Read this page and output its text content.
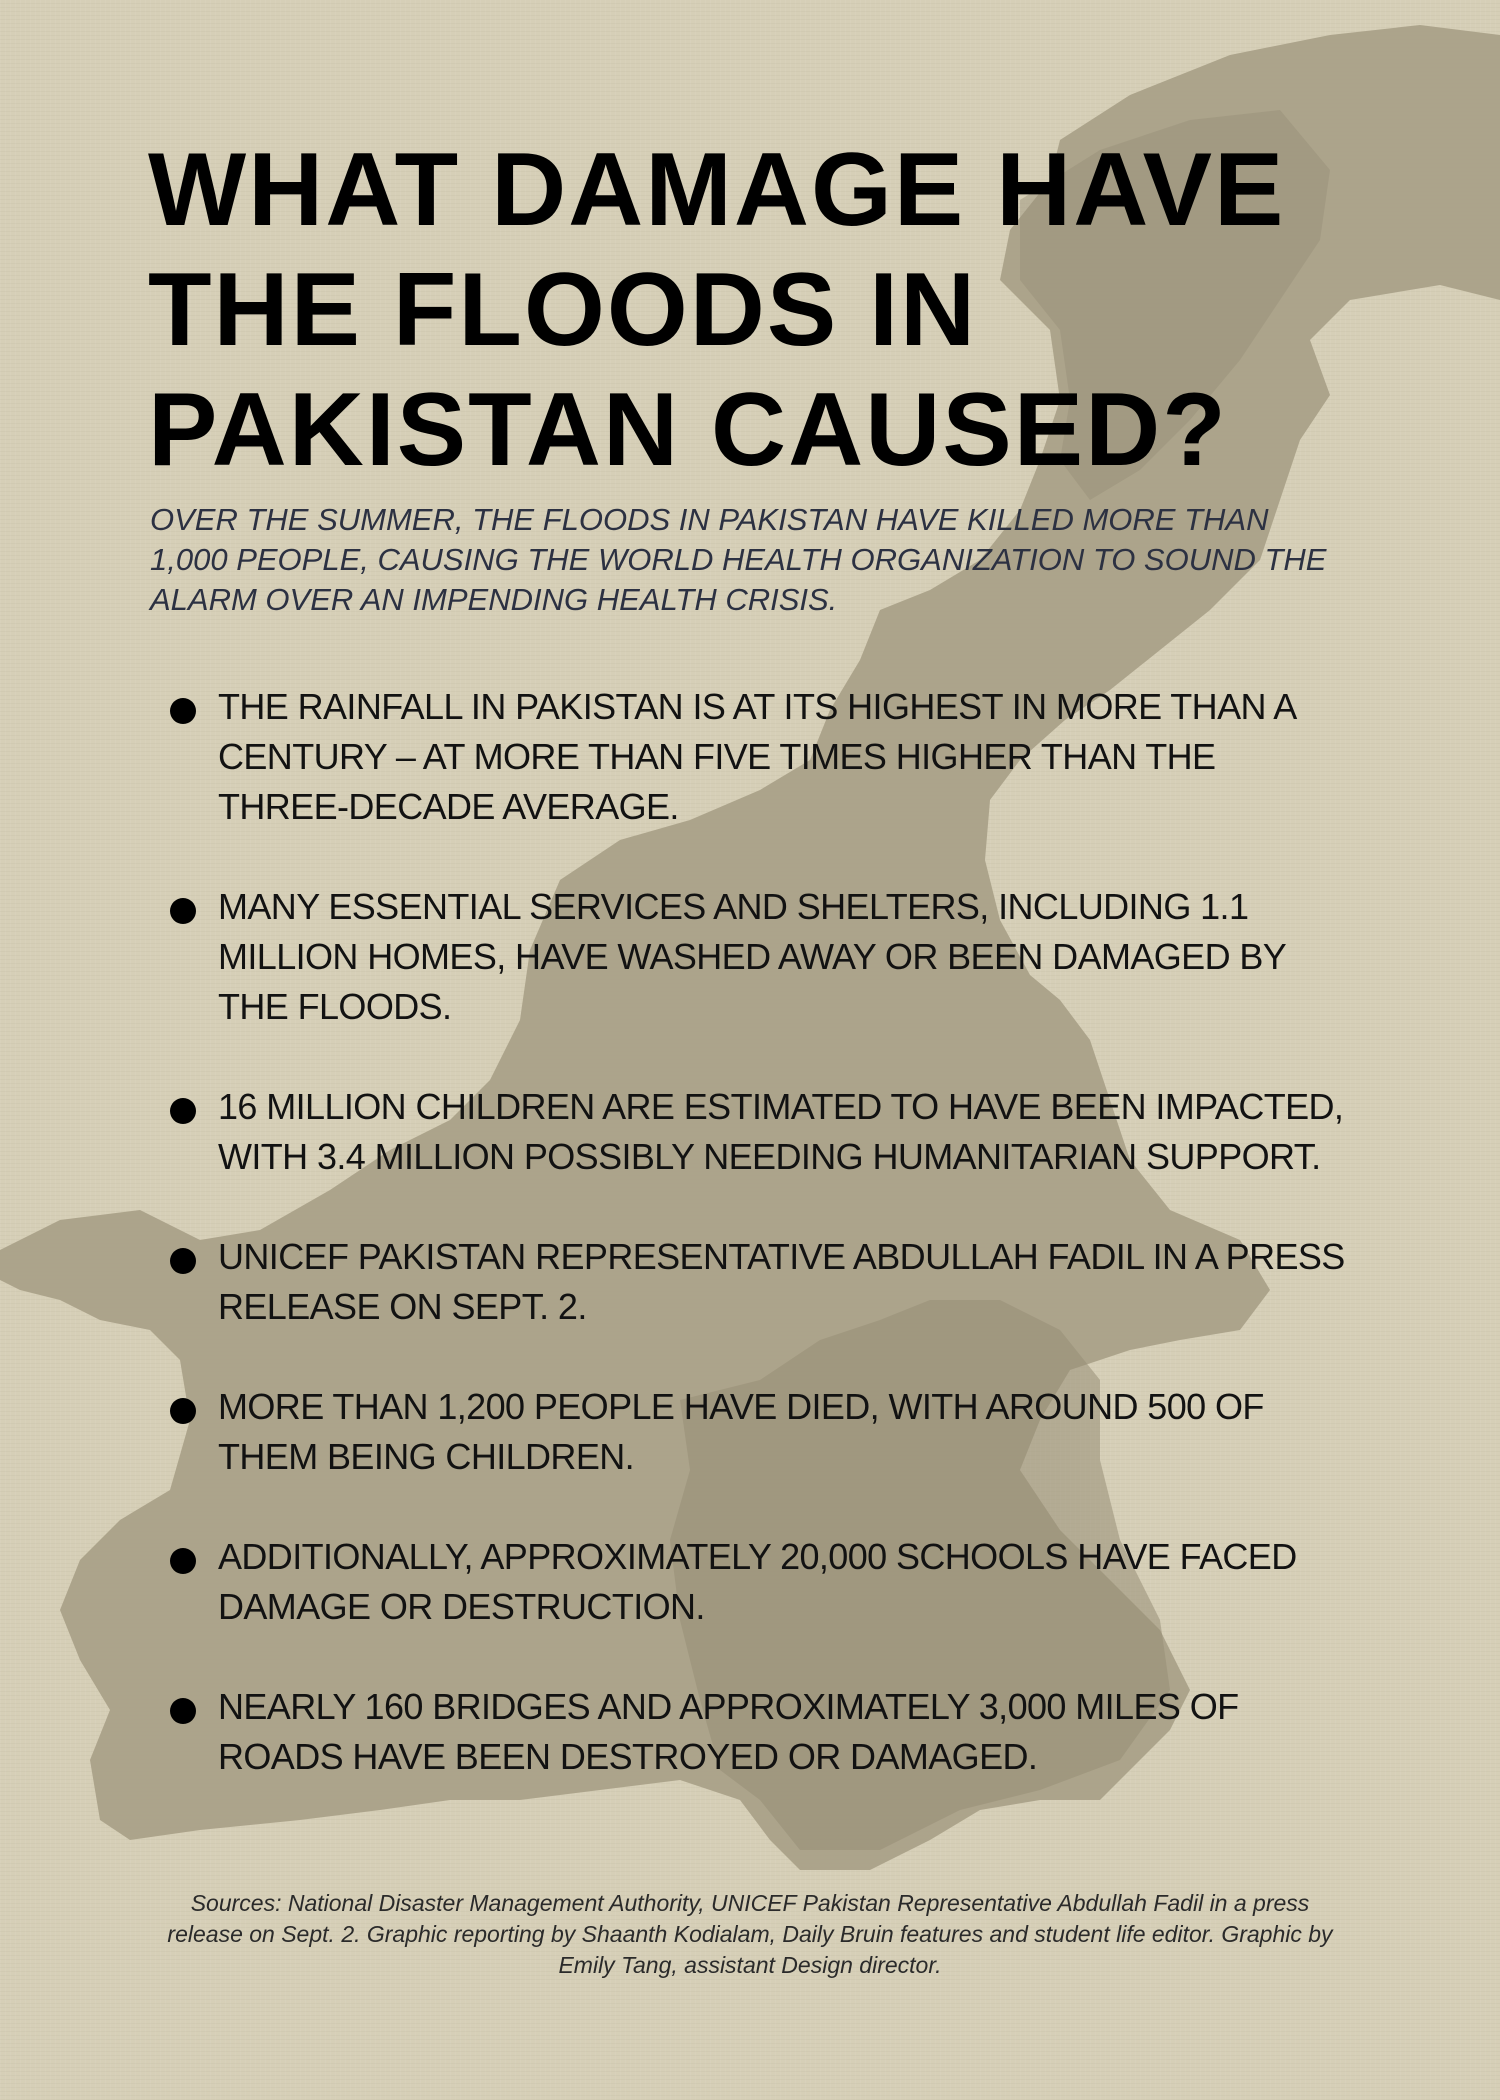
WHAT DAMAGE HAVE THE FLOODS IN PAKISTAN CAUSED?

OVER THE SUMMER, THE FLOODS IN PAKISTAN HAVE KILLED MORE THAN 1,000 PEOPLE, CAUSING THE WORLD HEALTH ORGANIZATION TO SOUND THE ALARM OVER AN IMPENDING HEALTH CRISIS.

THE RAINFALL IN PAKISTAN IS AT ITS HIGHEST IN MORE THAN A CENTURY – AT MORE THAN FIVE TIMES HIGHER THAN THE THREE-DECADE AVERAGE.
MANY ESSENTIAL SERVICES AND SHELTERS, INCLUDING 1.1 MILLION HOMES, HAVE WASHED AWAY OR BEEN DAMAGED BY THE FLOODS.
16 MILLION CHILDREN ARE ESTIMATED TO HAVE BEEN IMPACTED, WITH 3.4 MILLION POSSIBLY NEEDING HUMANITARIAN SUPPORT.
UNICEF PAKISTAN REPRESENTATIVE ABDULLAH FADIL IN A PRESS RELEASE ON SEPT. 2.
MORE THAN 1,200 PEOPLE HAVE DIED, WITH AROUND 500 OF THEM BEING CHILDREN.
ADDITIONALLY, APPROXIMATELY 20,000 SCHOOLS HAVE FACED DAMAGE OR DESTRUCTION.
NEARLY 160 BRIDGES AND APPROXIMATELY 3,000 MILES OF ROADS HAVE BEEN DESTROYED OR DAMAGED.

Sources: National Disaster Management Authority, UNICEF Pakistan Representative Abdullah Fadil in a press release on Sept. 2. Graphic reporting by Shaanth Kodialam, Daily Bruin features and student life editor. Graphic by Emily Tang, assistant Design director.
